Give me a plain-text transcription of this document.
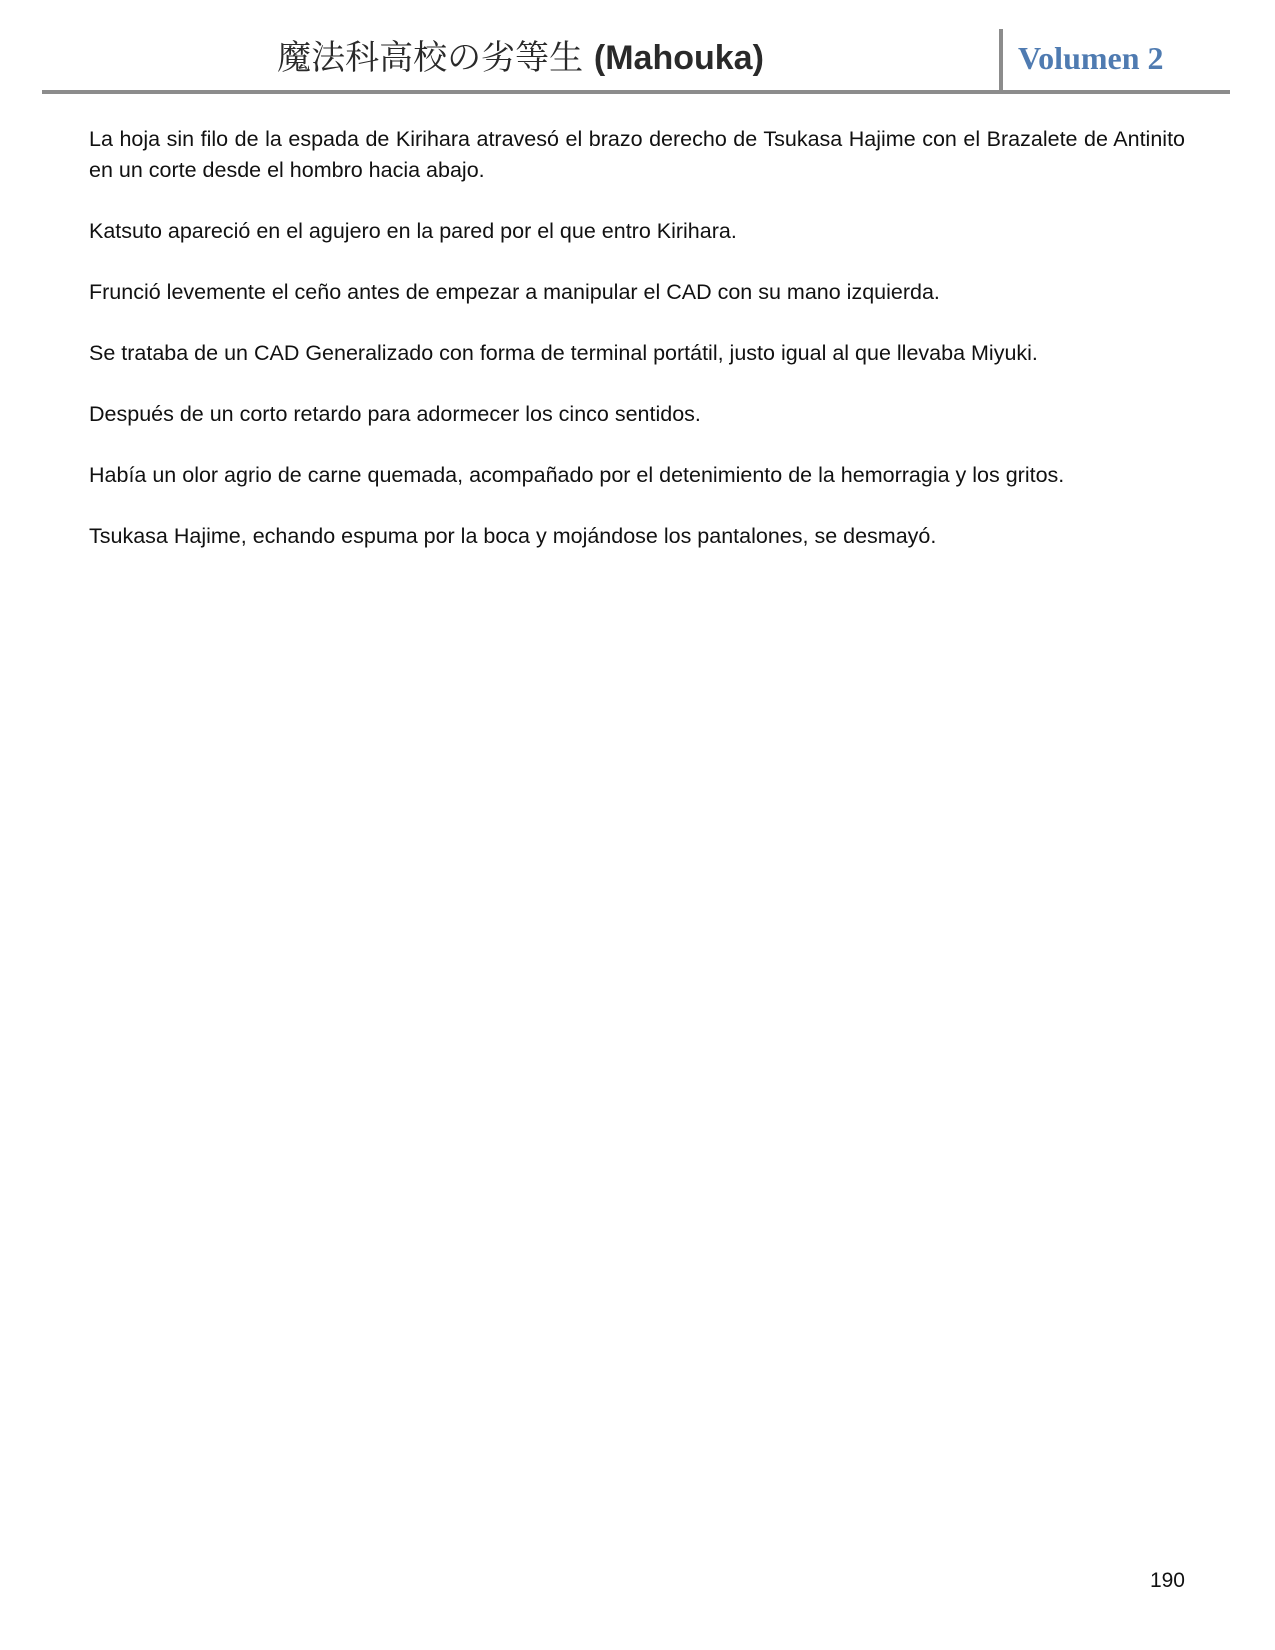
魔法科高校の劣等生 (Mahouka)	Volumen 2

La hoja sin filo de la espada de Kirihara atravesó el brazo derecho de Tsukasa Hajime con el Brazalete de Antinito en un corte desde el hombro hacia abajo.

Katsuto apareció en el agujero en la pared por el que entro Kirihara.

Frunció levemente el ceño antes de empezar a manipular el CAD con su mano izquierda.

Se trataba de un CAD Generalizado con forma de terminal portátil, justo igual al que llevaba Miyuki.

Después de un corto retardo para adormecer los cinco sentidos.

Había un olor agrio de carne quemada, acompañado por el detenimiento de la hemorragia y los gritos.

Tsukasa Hajime, echando espuma por la boca y mojándose los pantalones, se desmayó.

190
